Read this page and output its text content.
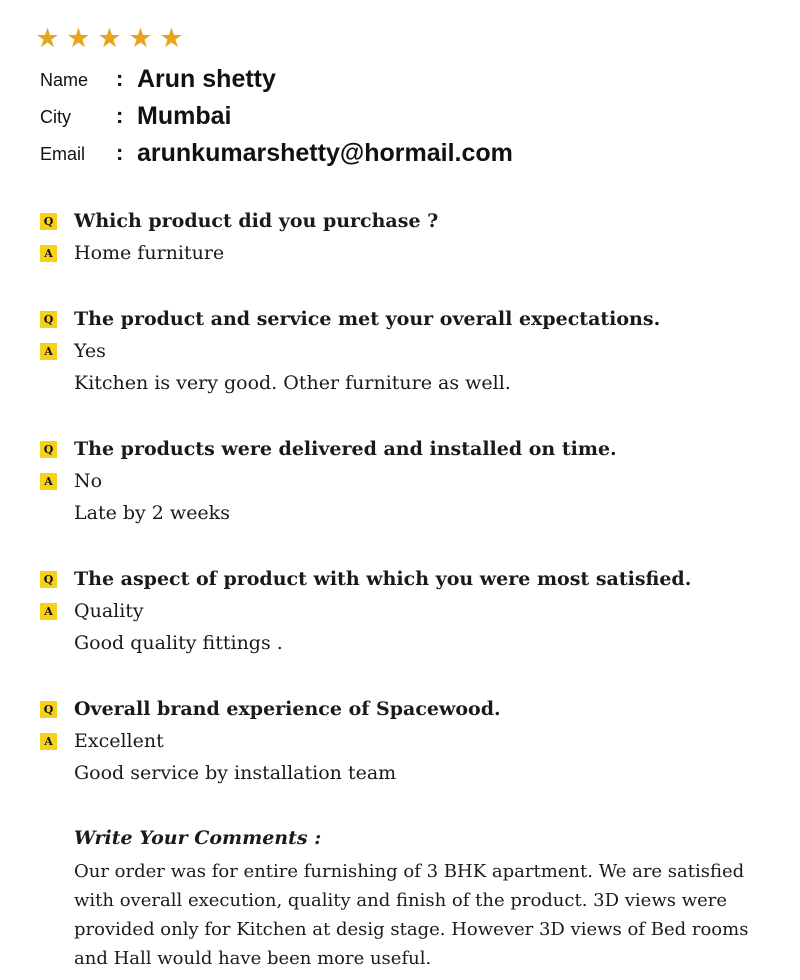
★ ★ ★ ★ ★
Name : Arun shetty
City : Mumbai
Email : arunkumarshetty@hormail.com
Q Which product did you purchase ?
A Home furniture
Q The product and service met your overall expectations.
A Yes
Kitchen is very good. Other furniture as well.
Q The products were delivered and installed on time.
A No
Late by 2 weeks
Q The aspect of product with which you were most satisfied.
A Quality
Good quality fittings .
Q Overall brand experience of Spacewood.
A Excellent
Good service by installation team
Write Your Comments :
Our order was for entire furnishing of 3 BHK apartment. We are satisfied with overall execution, quality and finish of the product. 3D views were provided only for Kitchen at desig stage. However 3D views of Bed rooms and Hall would have been more useful.
